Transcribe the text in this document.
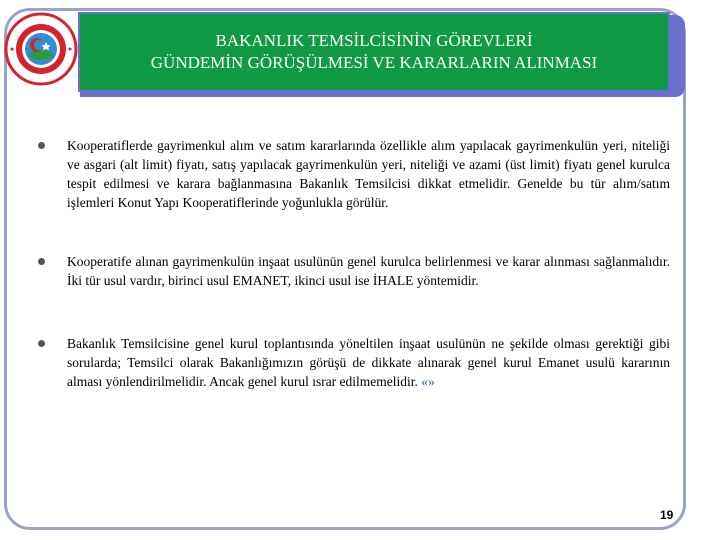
BAKANLIK TEMSİLCİSİNİN GÖREVLERİ
GÜNDEMİN GÖRÜŞÜLMESİ VE KARARLARIN ALINMASI
Kooperatiflerde gayrimenkul alım ve satım kararlarında özellikle alım yapılacak gayrimenkulün yeri, niteliği ve asgari (alt limit) fiyatı, satış yapılacak gayrimenkulün yeri, niteliği ve azami (üst limit) fiyatı genel kurulca tespit edilmesi ve karara bağlanmasına Bakanlık Temsilcisi dikkat etmelidir. Genelde bu tür alım/satım işlemleri Konut Yapı Kooperatiflerinde yoğunlukla görülür.
Kooperatife alınan gayrimenkulün inşaat usulünün genel kurulca belirlenmesi ve karar alınması sağlanmalıdır. İki tür usul vardır, birinci usul EMANET, ikinci usul ise İHALE yöntemidir.
Bakanlık Temsilcisine genel kurul toplantısında yöneltilen inşaat usulünün ne şekilde olması gerektiği gibi sorularda; Temsilci olarak Bakanlığımızın görüşü de dikkate alınarak genel kurul Emanet usulü kararının alması yönlendirilmelidir. Ancak genel kurul ısrar edilmemelidir. «»
19
